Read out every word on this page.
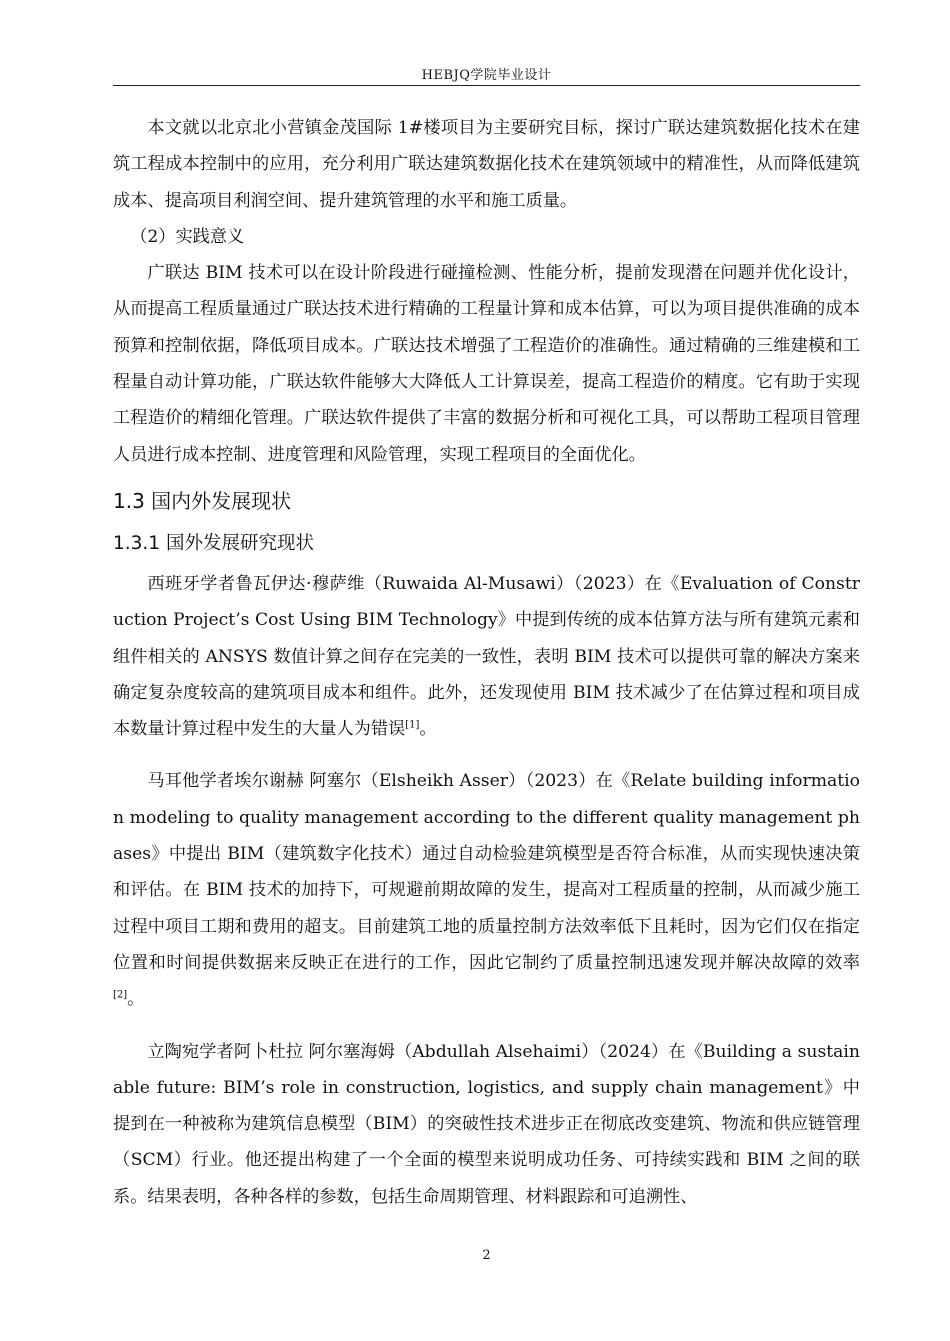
HEBJQ学院毕业设计

本文就以北京北小营镇金茂国际 1#楼项目为主要研究目标，探讨广联达建筑数据化技术在建筑工程成本控制中的应用，充分利用广联达建筑数据化技术在建筑领域中的精准性，从而降低建筑成本、提高项目利润空间、提升建筑管理的水平和施工质量。

（2）实践意义

广联达 BIM 技术可以在设计阶段进行碰撞检测、性能分析，提前发现潜在问题并优化设计，从而提高工程质量通过广联达技术进行精确的工程量计算和成本估算，可以为项目提供准确的成本预算和控制依据，降低项目成本。广联达技术增强了工程造价的准确性。通过精确的三维建模和工程量自动计算功能，广联达软件能够大大降低人工计算误差，提高工程造价的精度。它有助于实现工程造价的精细化管理。广联达软件提供了丰富的数据分析和可视化工具，可以帮助工程项目管理人员进行成本控制、进度管理和风险管理，实现工程项目的全面优化。

1.3 国内外发展现状
1.3.1 国外发展研究现状

西班牙学者鲁瓦伊达·穆萨维（Ruwaida Al-Musawi）（2023）在《Evaluation of Construction Project’s Cost Using BIM Technology》中提到传统的成本估算方法与所有建筑元素和组件相关的 ANSYS 数值计算之间存在完美的一致性，表明 BIM 技术可以提供可靠的解决方案来确定复杂度较高的建筑项目成本和组件。此外，还发现使用 BIM 技术减少了在估算过程和项目成本数量计算过程中发生的大量人为错误[1]。

马耳他学者埃尔谢赫 阿塞尔（Elsheikh Asser）（2023）在《Relate building information modeling to quality management according to the different quality management phases》中提出 BIM（建筑数字化技术）通过自动检验建筑模型是否符合标准，从而实现快速决策和评估。在 BIM 技术的加持下，可规避前期故障的发生，提高对工程质量的控制，从而减少施工过程中项目工期和费用的超支。目前建筑工地的质量控制方法效率低下且耗时，因为它们仅在指定位置和时间提供数据来反映正在进行的工作，因此它制约了质量控制迅速发现并解决故障的效率[2]。

立陶宛学者阿卜杜拉 阿尔塞海姆（Abdullah Alsehaimi）（2024）在《Building a sustainable future: BIM’s role in construction, logistics, and supply chain management》中提到在一种被称为建筑信息模型（BIM）的突破性技术进步正在彻底改变建筑、物流和供应链管理（SCM）行业。他还提出构建了一个全面的模型来说明成功任务、可持续实践和 BIM 之间的联系。结果表明，各种各样的参数，包括生命周期管理、材料跟踪和可追溯性、

2
